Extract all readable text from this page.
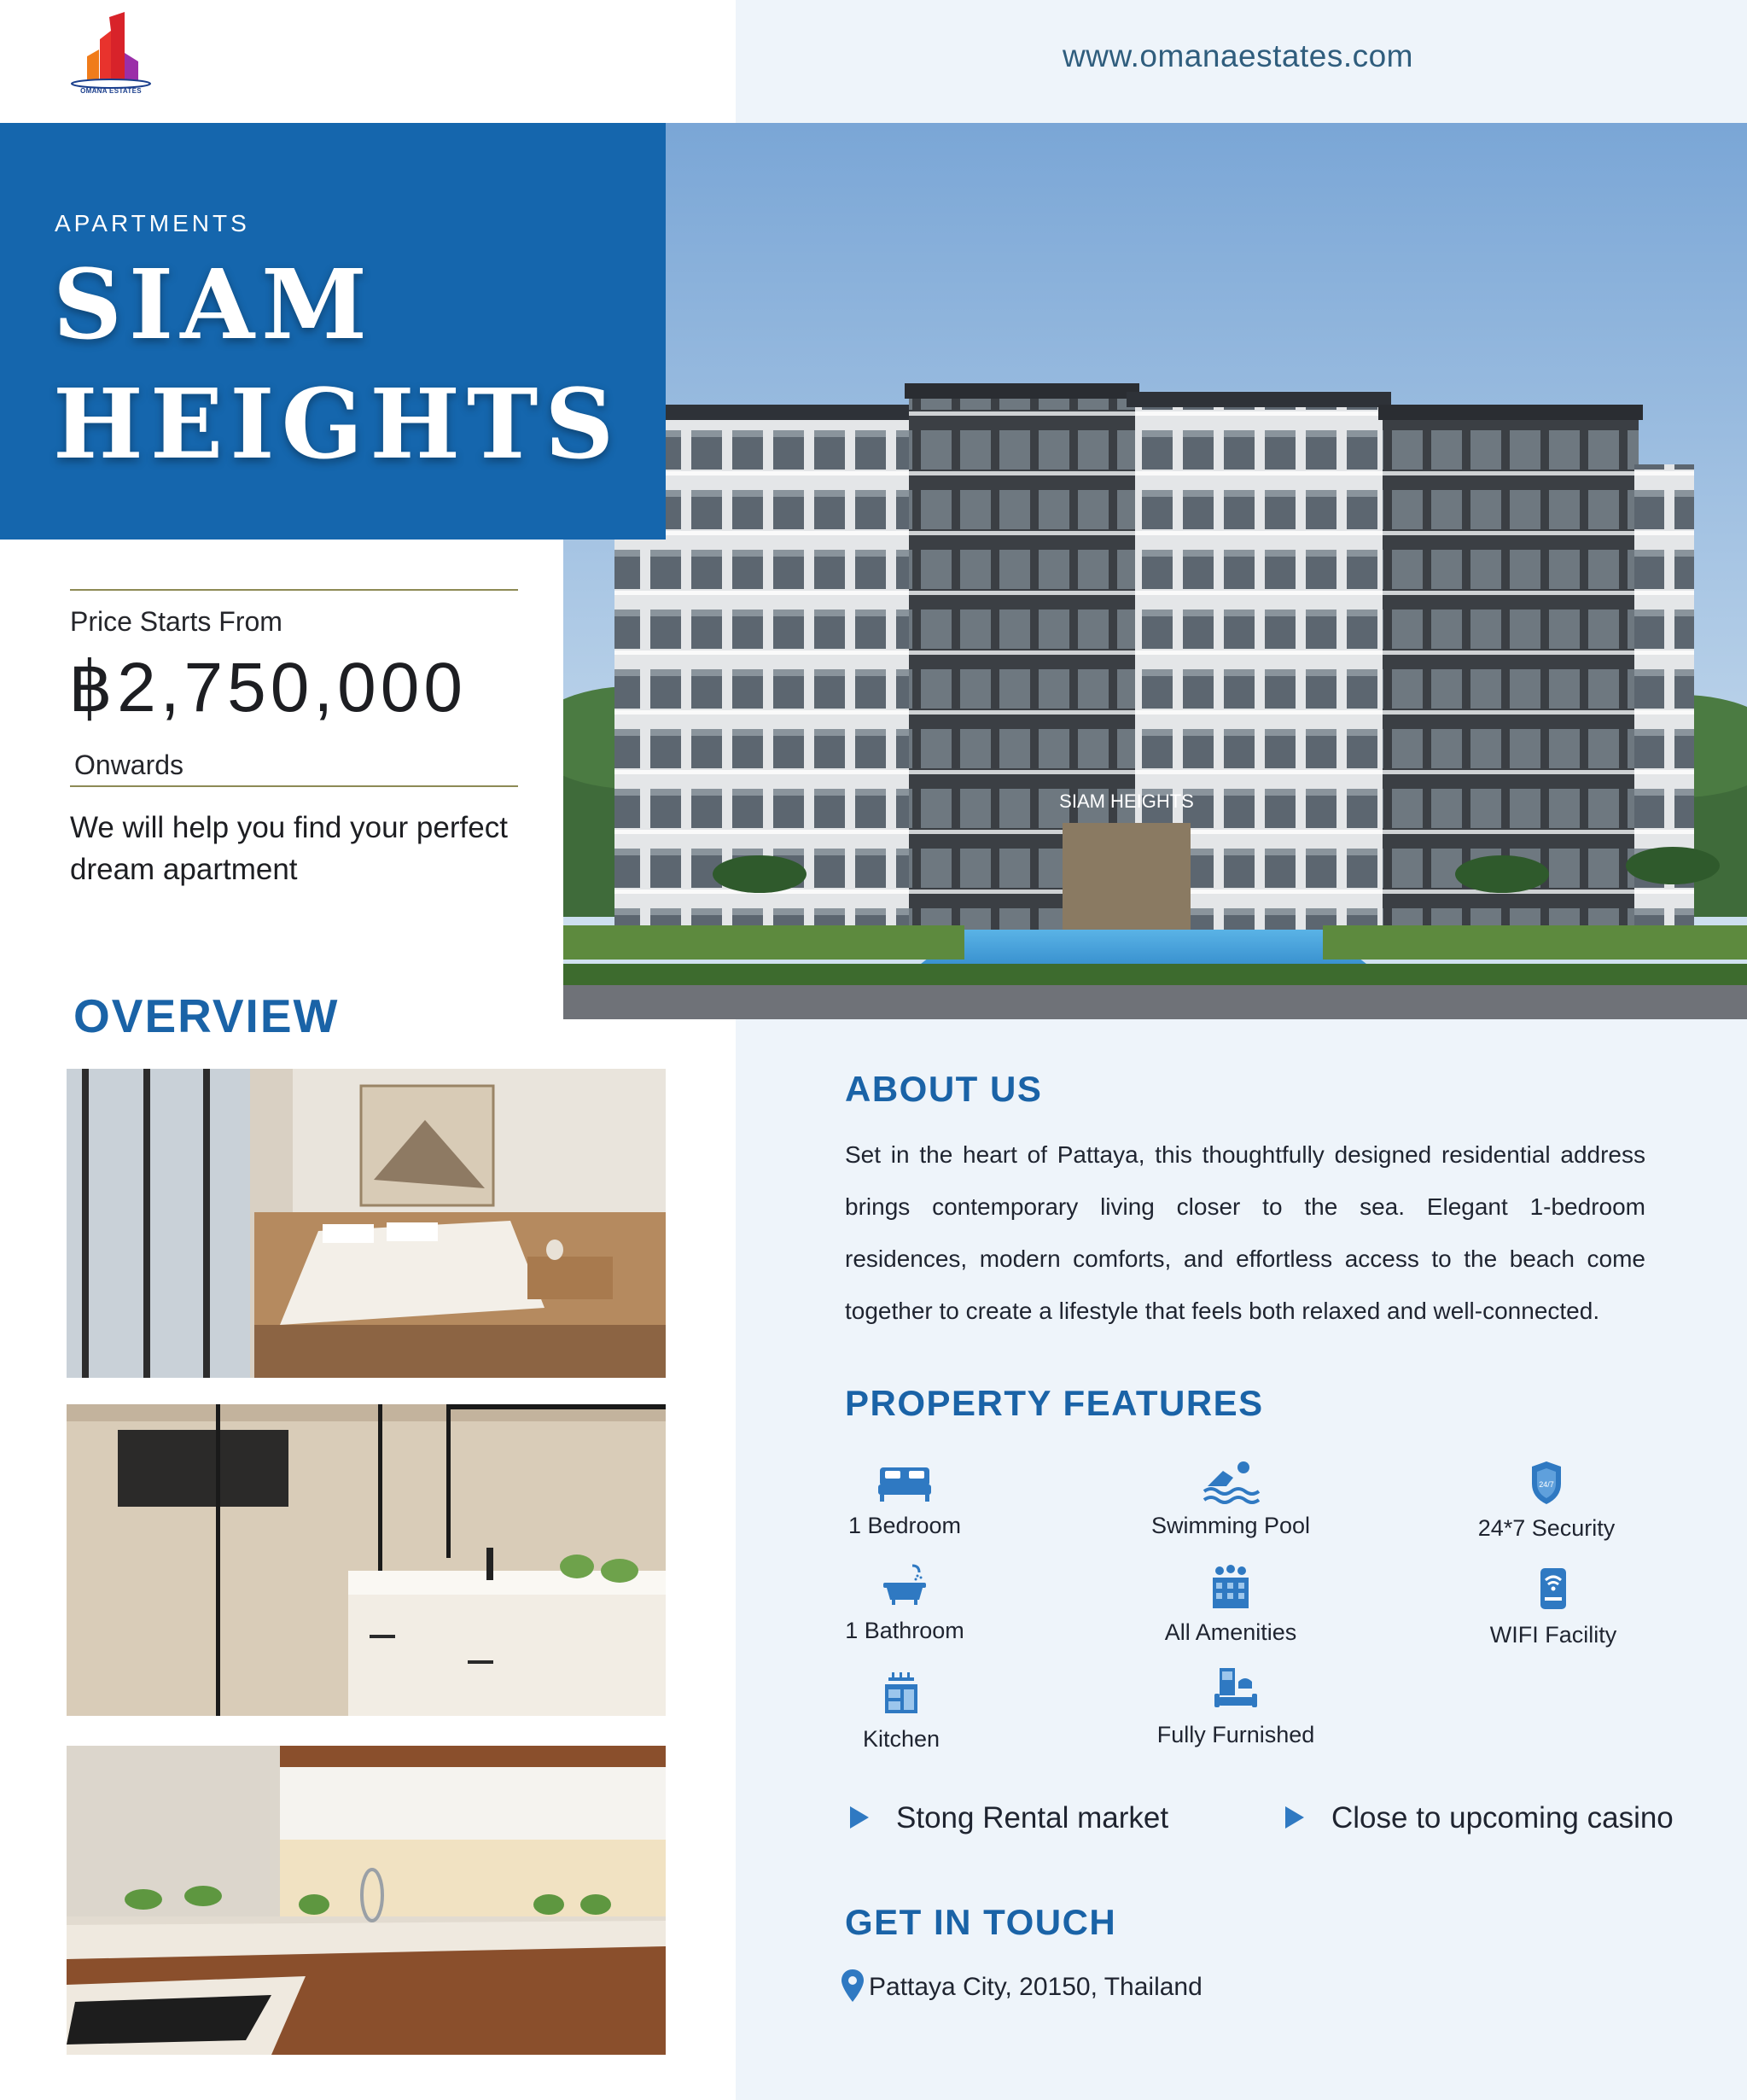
OMANA ESTATES
www.omanaestates.com
SIAM HEIGHTS
APARTMENTS
SIAM
HEIGHTS
Price Starts From
฿2,750,000
Onwards
We will help you find your perfect dream apartment
OVERVIEW
ABOUT US
Set in the heart of Pattaya, this thoughtfully designed residential address brings contemporary living closer to the sea. Elegant 1-bedroom residences, modern comforts, and effortless access to the beach come together to create a lifestyle that feels both relaxed and well-connected.
PROPERTY FEATURES
1 Bedroom	Swimming Pool
24/7
24*7 Security
1 Bathroom	All Amenities	WIFI Facility
Kitchen	Fully Furnished
Stong Rental market	Close to upcoming casino
GET IN TOUCH
Pattaya City, 20150, Thailand
